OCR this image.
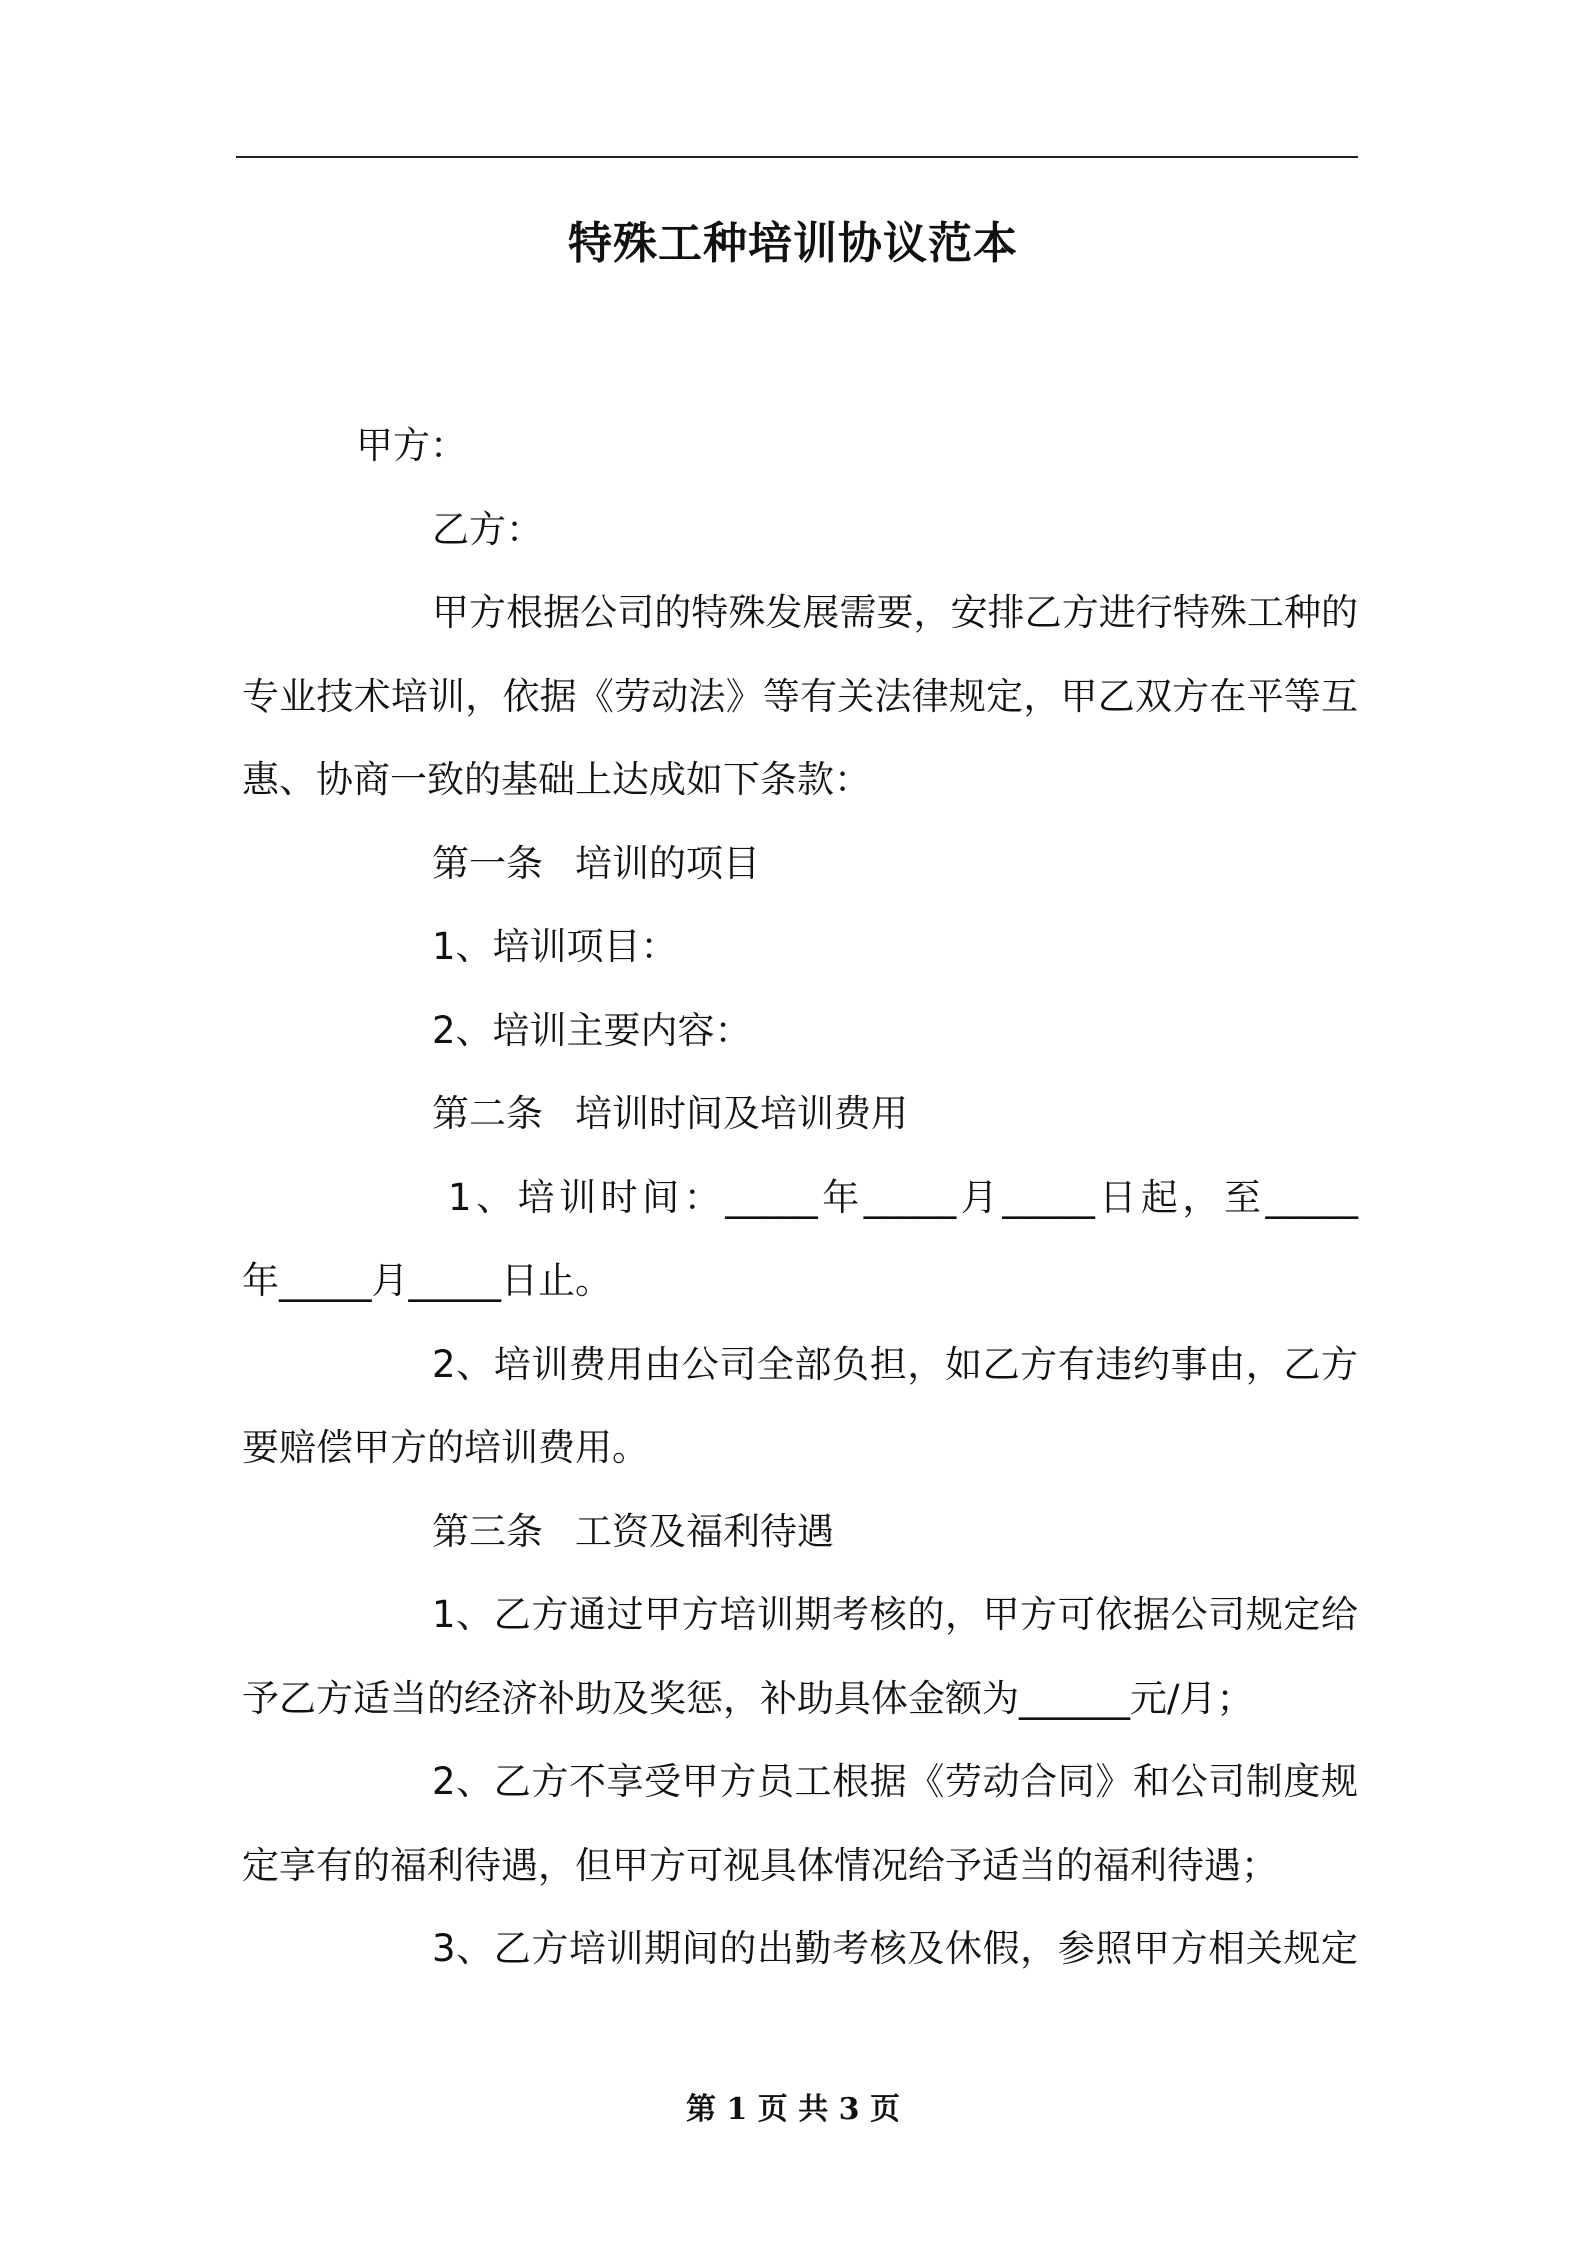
特殊工种培训协议范本
甲方：
乙方：
甲方根据公司的特殊发展需要，安排乙方进行特殊工种的
专业技术培训，依据《劳动法》等有关法律规定，甲乙双方在平等互
惠、协商一致的基础上达成如下条款：
第一条 培训的项目
1、培训项目：
2、培训主要内容：
第二条 培训时间及培训费用
1、培训时间：_____年_____月_____日起，至_____
年_____月_____日止。
2、培训费用由公司全部负担，如乙方有违约事由，乙方
要赔偿甲方的培训费用。
第三条 工资及福利待遇
1、乙方通过甲方培训期考核的，甲方可依据公司规定给
予乙方适当的经济补助及奖惩，补助具体金额为______元/月；
2、乙方不享受甲方员工根据《劳动合同》和公司制度规
定享有的福利待遇，但甲方可视具体情况给予适当的福利待遇；
3、乙方培训期间的出勤考核及休假，参照甲方相关规定
第 1 页 共 3 页
